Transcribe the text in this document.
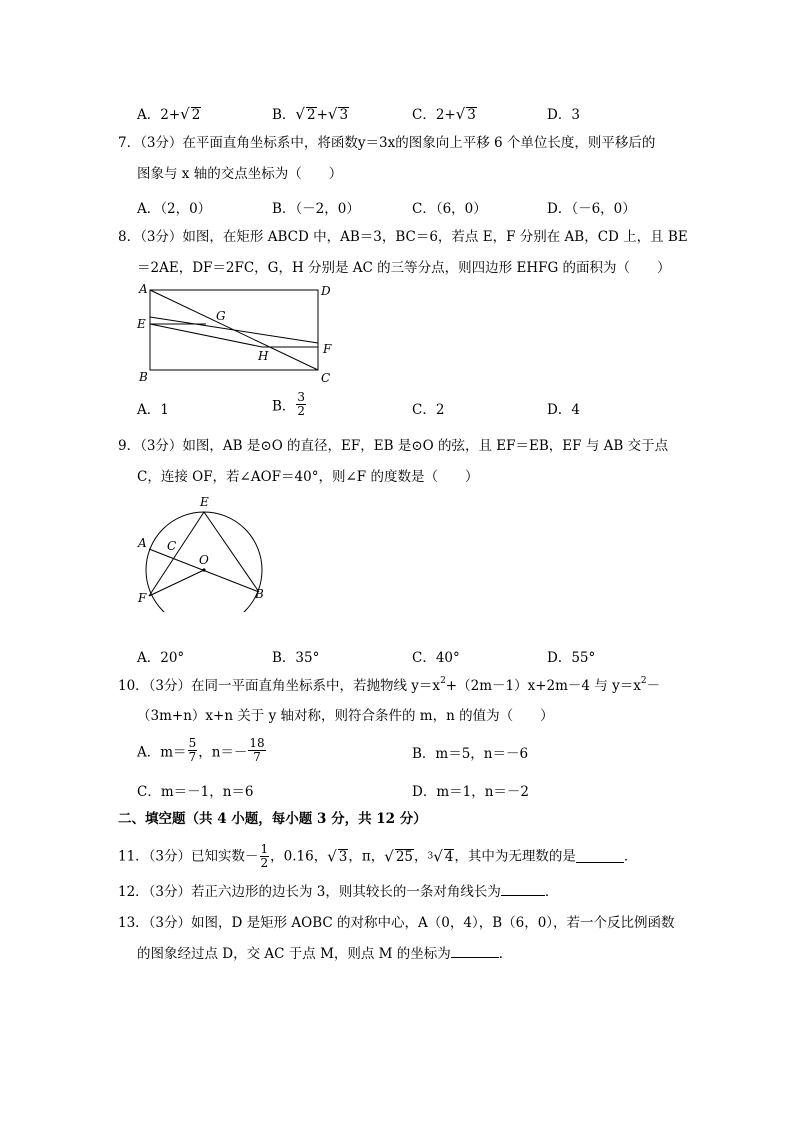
A．2+√ 2	B．√ 2+√ 3	C．2+√ 3	D．3
7．（3分）在平面直角坐标系中，将函数y＝3x的图象向上平移 6 个单位长度，则平移后的
图象与 x 轴的交点坐标为（　　）
A．（2，0）	B．（－2，0）	C．（6，0）	D．（－6，0）
8．（3分）如图，在矩形 ABCD 中，AB＝3，BC＝6，若点 E，F 分别在 AB，CD 上，且 BE
＝2AE，DF＝2FC，G，H 分别是 AC 的三等分点，则四边形 EHFG 的面积为（　　）
A	D
E
G
F
H
B	C
A．1	B． $\frac{3}{2}$	C．2	D．4
9．（3分）如图，AB 是⊙O 的直径，EF，EB 是⊙O 的弦，且 EF＝EB，EF 与 AB 交于点
C，连接 OF，若∠AOF＝40°，则∠F 的度数是（　　）
E
A C
O
F	B
A．20°	B．35°	C．40°	D．55°
10．（3分）在同一平面直角坐标系中，若抛物线 $y=x^2+(2m-1)x+2m-4$ 与 $y=x^2-$
（3m+n）x+n 关于 y 轴对称，则符合条件的 m，n 的值为（　　）
A．$m= \frac{5}{7}$ ，$n=- \frac{18}{7}$	B．m＝5，n＝－6
C．m＝－1，n＝6	D．m＝1，n＝－2
二、填空题（共 4 小题，每小题 3 分，共 12 分）
11．（3分）已知实数－ $\frac{1}{2}$ ，0.16，√ 3，π，√ 25，3√ 4，其中为无理数的是	．
12．（3分）若正六边形的边长为 3，则其较长的一条对角线长为	．
13．（3分）如图，D 是矩形 AOBC 的对称中心，A（0，4），B（6，0），若一个反比例函数
的图象经过点 D，交 AC 于点 M，则点 M 的坐标为	．
